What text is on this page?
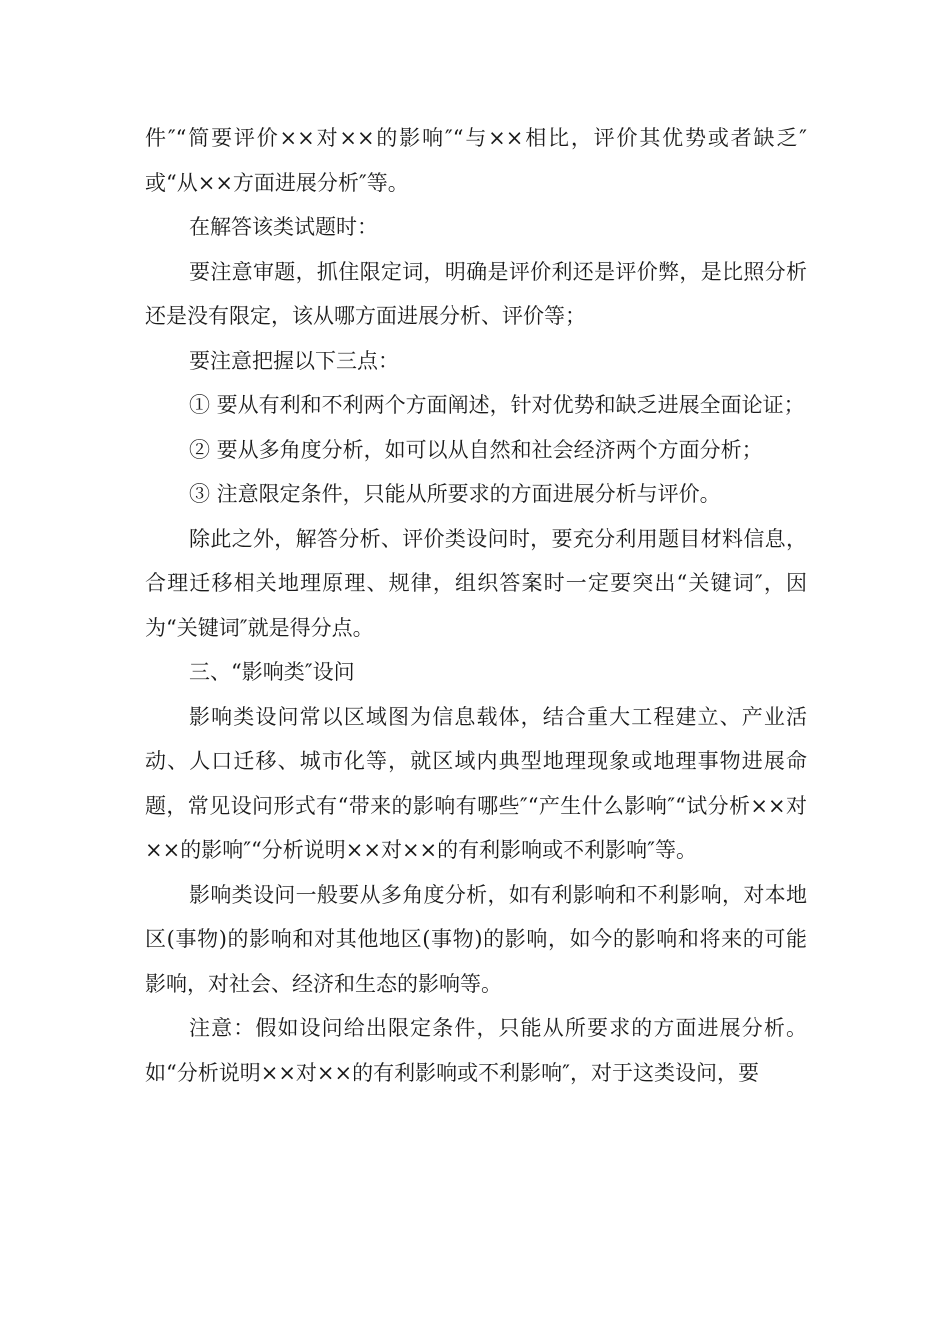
件″“简要评价××对××的影响″“与××相比，评价其优势或者缺乏″或“从××方面进展分析″等。

在解答该类试题时：

要注意审题，抓住限定词，明确是评价利还是评价弊，是比照分析还是没有限定，该从哪方面进展分析、评价等；

要注意把握以下三点：

① 要从有利和不利两个方面阐述，针对优势和缺乏进展全面论证；

② 要从多角度分析，如可以从自然和社会经济两个方面分析；

③ 注意限定条件，只能从所要求的方面进展分析与评价。

除此之外，解答分析、评价类设问时，要充分利用题目材料信息，合理迁移相关地理原理、规律，组织答案时一定要突出“关键词″，因为“关键词″就是得分点。

三、“影响类″设问

影响类设问常以区域图为信息载体，结合重大工程建立、产业活动、人口迁移、城市化等，就区域内典型地理现象或地理事物进展命题，常见设问形式有“带来的影响有哪些″“产生什么影响″“试分析××对××的影响″“分析说明××对××的有利影响或不利影响″等。

影响类设问一般要从多角度分析，如有利影响和不利影响，对本地区(事物)的影响和对其他地区(事物)的影响，如今的影响和将来的可能影响，对社会、经济和生态的影响等。

注意：假如设问给出限定条件，只能从所要求的方面进展分析。如“分析说明××对××的有利影响或不利影响″，对于这类设问，要
